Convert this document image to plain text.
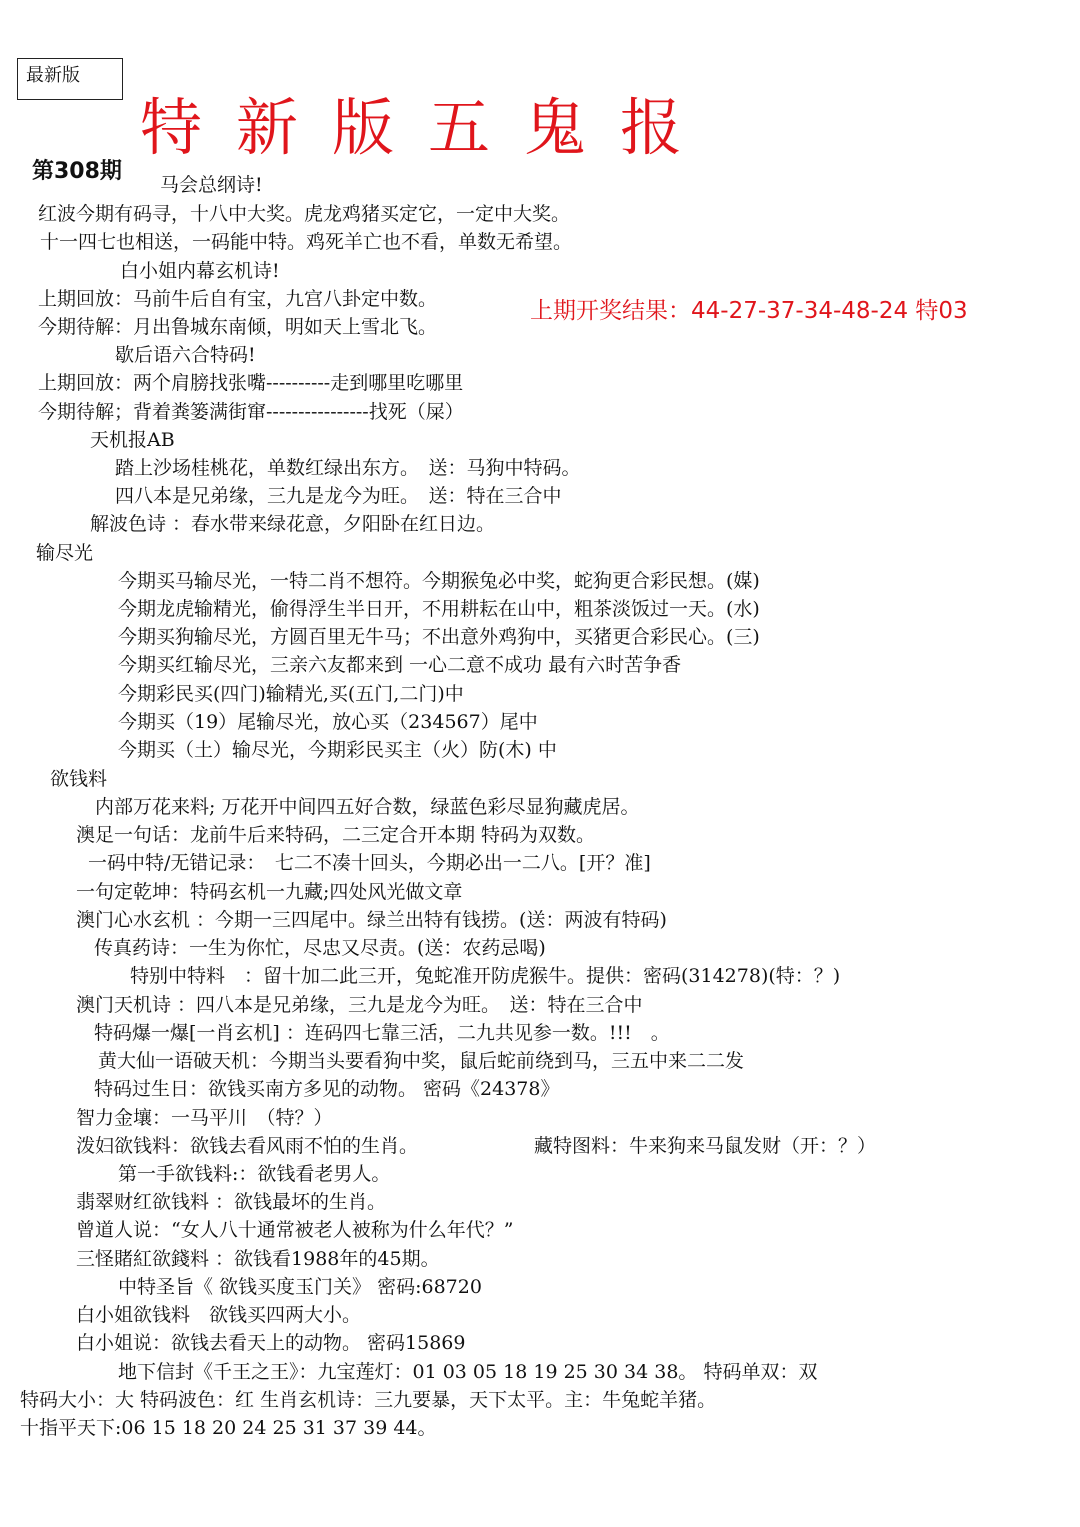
最新版
特新版五鬼报
第308期
上期开奖结果：44-27-37-34-48-24 特03
马会总纲诗!
红波今期有码寻，十八中大奖。虎龙鸡猪买定它，一定中大奖。
十一四七也相送，一码能中特。鸡死羊亡也不看，单数无希望。
白小姐内幕玄机诗!
上期回放：马前牛后自有宝，九宫八卦定中数。
今期待解：月出鲁城东南倾，明如天上雪北飞。
歇后语六合特码!
上期回放：两个肩膀找张嘴----------走到哪里吃哪里
今期待解；背着粪篓满街窜----------------找死（屎）
天机报AB
踏上沙场桂桃花，单数红绿出东方。　送：马狗中特码。
四八本是兄弟缘，三九是龙今为旺。　送：特在三合中
解波色诗 ：春水带来绿花意，夕阳卧在红日边。
输尽光
今期买马输尽光，一特二肖不想符。今期猴兔必中奖，蛇狗更合彩民想。(媒)
今期龙虎输精光，偷得浮生半日开，不用耕耘在山中，粗茶淡饭过一天。(水)
今期买狗输尽光，方圆百里无牛马；不出意外鸡狗中，买猪更合彩民心。(三)
今期买红输尽光，三亲六友都来到 一心二意不成功 最有六时苦争香
今期彩民买(四门)输精光,买(五门,二门)中
今期买（19）尾输尽光，放心买（234567）尾中
今期买（土）输尽光，今期彩民买主（火）防(木) 中
欲钱料
内部万花来料; 万花开中间四五好合数，绿蓝色彩尽显狗藏虎居。
澳足一句话：龙前牛后来特码，二三定合开本期 特码为双数。
一码中特/无错记录：　七二不凑十回头，今期必出一二八。[开？准]
一句定乾坤：特码玄机一九藏;四处风光做文章
澳门心水玄机 ：今期一三四尾中。绿兰出特有钱捞。(送：两波有特码)
传真药诗：一生为你忙，尽忠又尽责。(送：农药忌喝)
特别中特料　：留十加二此三开，兔蛇准开防虎猴牛。提供：密码(314278)(特：？)
澳门天机诗 ：四八本是兄弟缘，三九是龙今为旺。　送：特在三合中
特码爆一爆[一肖玄机] ：连码四七靠三活，二九共见参一数。!!!　。
黄大仙一语破天机：今期当头要看狗中奖，鼠后蛇前绕到马，三五中来二二发
特码过生日：欲钱买南方多见的动物。 密码《24378》
智力金壤：一马平川　（特？）
泼妇欲钱料：欲钱去看风雨不怕的生肖。	藏特图料：牛来狗来马鼠发财（开：？）
第一手欲钱料:：欲钱看老男人。
翡翠财红欲钱料 ：欲钱最坏的生肖。
曾道人说：“女人八十通常被老人被称为什么年代？”
三怪賭紅欲錢料 ：欲钱看1988年的45期。
中特圣旨《 欲钱买度玉门关》 密码:68720
白小姐欲钱料　欲钱买四两大小。
白小姐说：欲钱去看天上的动物。 密码15869
地下信封《千王之王》：九宝莲灯：01 03 05 18 19 25 30 34 38。 特码单双：双
特码大小：大 特码波色：红 生肖玄机诗：三九要暴，天下太平。主：牛兔蛇羊猪。
十指平天下:06 15 18 20 24 25 31 37 39 44。
